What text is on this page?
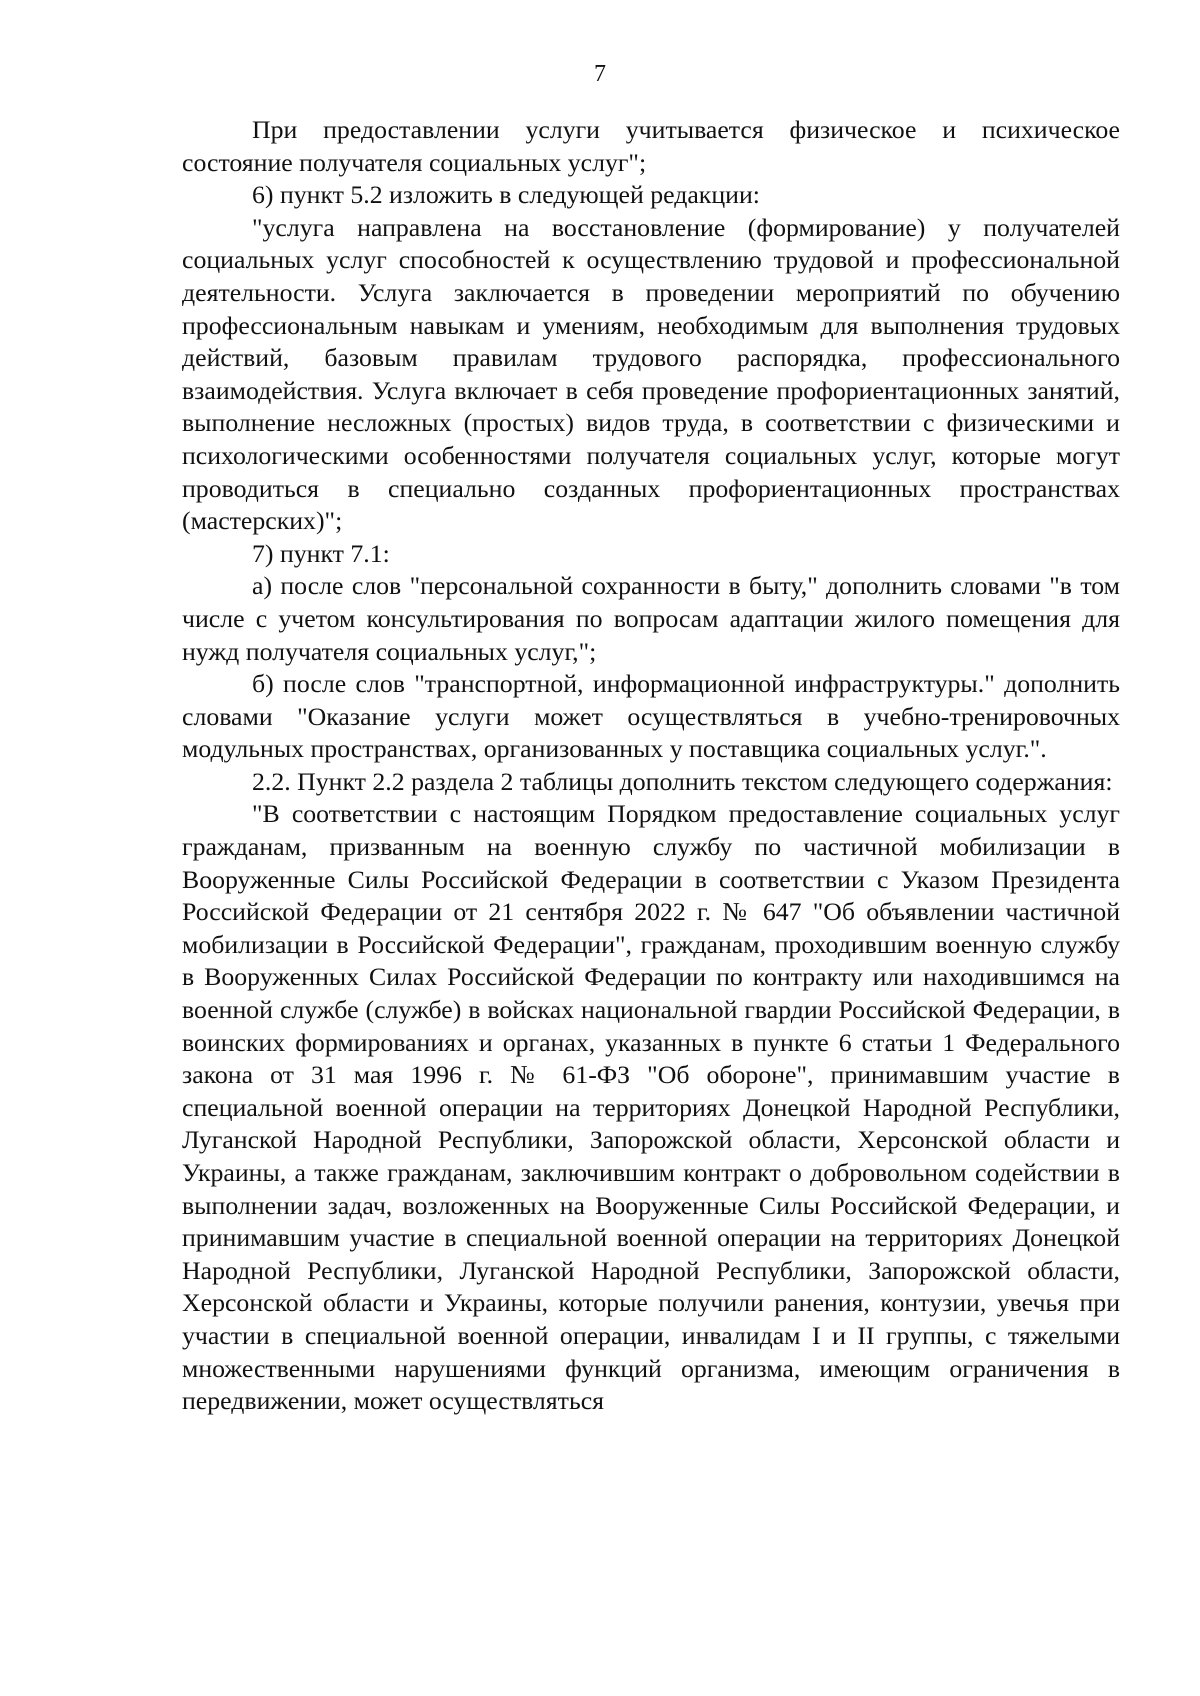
7

При предоставлении услуги учитывается физическое и психическое состояние получателя социальных услуг";

6) пункт 5.2 изложить в следующей редакции:

"услуга направлена на восстановление (формирование) у получателей социальных услуг способностей к осуществлению трудовой и профессиональной деятельности. Услуга заключается в проведении мероприятий по обучению профессиональным навыкам и умениям, необходимым для выполнения трудовых действий, базовым правилам трудового распорядка, профессионального взаимодействия. Услуга включает в себя проведение профориентационных занятий, выполнение несложных (простых) видов труда, в соответствии с физическими и психологическими особенностями получателя социальных услуг, которые могут проводиться в специально созданных профориентационных пространствах (мастерских)";

7) пункт 7.1:

а) после слов "персональной сохранности в быту," дополнить словами "в том числе с учетом консультирования по вопросам адаптации жилого помещения для нужд получателя социальных услуг,";

б) после слов "транспортной, информационной инфраструктуры." дополнить словами "Оказание услуги может осуществляться в учебно-тренировочных модульных пространствах, организованных у поставщика социальных услуг.".

2.2. Пункт 2.2 раздела 2 таблицы дополнить текстом следующего содержания:

"В соответствии с настоящим Порядком предоставление социальных услуг гражданам, призванным на военную службу по частичной мобилизации в Вооруженные Силы Российской Федерации в соответствии с Указом Президента Российской Федерации от 21 сентября 2022 г. № 647 "Об объявлении частичной мобилизации в Российской Федерации", гражданам, проходившим военную службу в Вооруженных Силах Российской Федерации по контракту или находившимся на военной службе (службе) в войсках национальной гвардии Российской Федерации, в воинских формированиях и органах, указанных в пункте 6 статьи 1 Федерального закона от 31 мая 1996 г. № 61-ФЗ "Об обороне", принимавшим участие в специальной военной операции на территориях Донецкой Народной Республики, Луганской Народной Республики, Запорожской области, Херсонской области и Украины, а также гражданам, заключившим контракт о добровольном содействии в выполнении задач, возложенных на Вооруженные Силы Российской Федерации, и принимавшим участие в специальной военной операции на территориях Донецкой Народной Республики, Луганской Народной Республики, Запорожской области, Херсонской области и Украины, которые получили ранения, контузии, увечья при участии в специальной военной операции, инвалидам I и II группы, с тяжелыми множественными нарушениями функций организма, имеющим ограничения в передвижении, может осуществляться
